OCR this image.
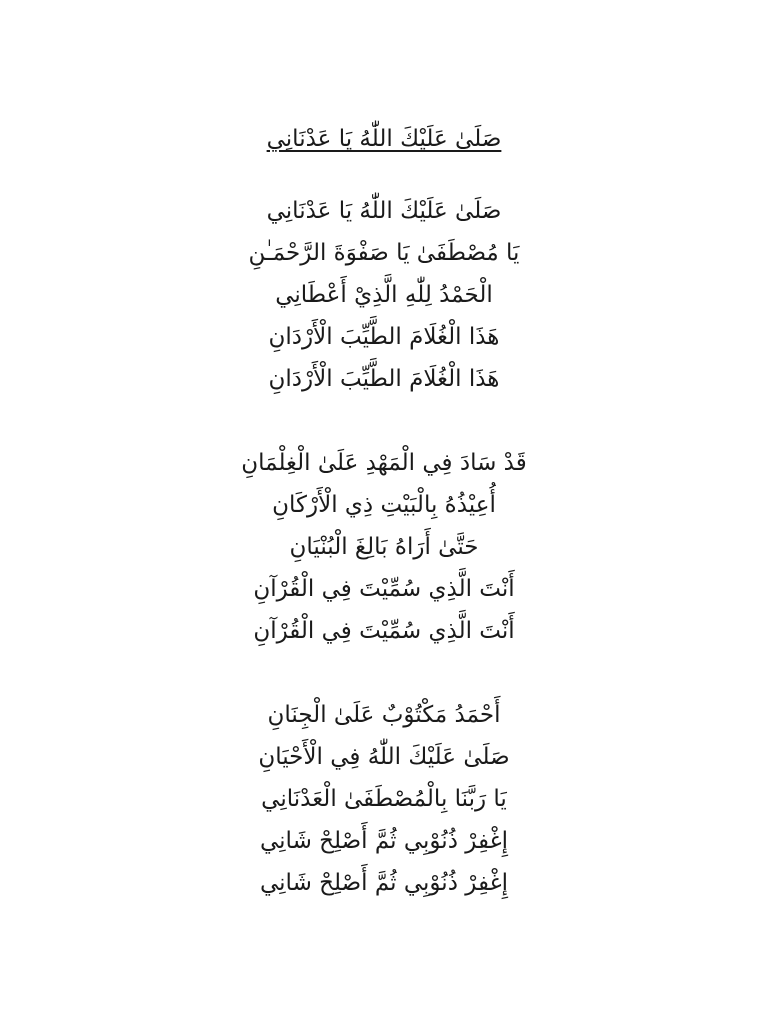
صَلَىٰ عَلَيْكَ اللّٰهُ يَا عَدْنَانِي
صَلَىٰ عَلَيْكَ اللّٰهُ يَا عَدْنَانِي
يَا مُصْطَفَىٰ يَا صَفْوَةَ الرَّحْمَـٰنِ
الْحَمْدُ لِلّٰهِ الَّذِيْ أَعْطَانِي
هَذَا الْغُلَامَ الطَّيِّبَ الْأَرْدَانِ
هَذَا الْغُلَامَ الطَّيِّبَ الْأَرْدَانِ
قَدْ سَادَ فِي الْمَهْدِ عَلَىٰ الْغِلْمَانِ
أُعِيْذُهُ بِالْبَيْتِ ذِي الْأَرْكَانِ
حَتَّىٰ أَرَاهُ بَالِغَ الْبُنْيَانِ
أَنْتَ الَّذِي سُمِّيْتَ فِي الْقُرْآنِ
أَنْتَ الَّذِي سُمِّيْتَ فِي الْقُرْآنِ
أَحْمَدُ مَكْتُوْبٌ عَلَىٰ الْجِنَانِ
صَلَىٰ عَلَيْكَ اللّٰهُ فِي الْأَحْيَانِ
يَا رَبَّنَا بِالْمُصْطَفَىٰ الْعَدْنَانِي
إِغْفِرْ ذُنُوْبِي ثُمَّ أَصْلِحْ شَانِي
إِغْفِرْ ذُنُوْبِي ثُمَّ أَصْلِحْ شَانِي
